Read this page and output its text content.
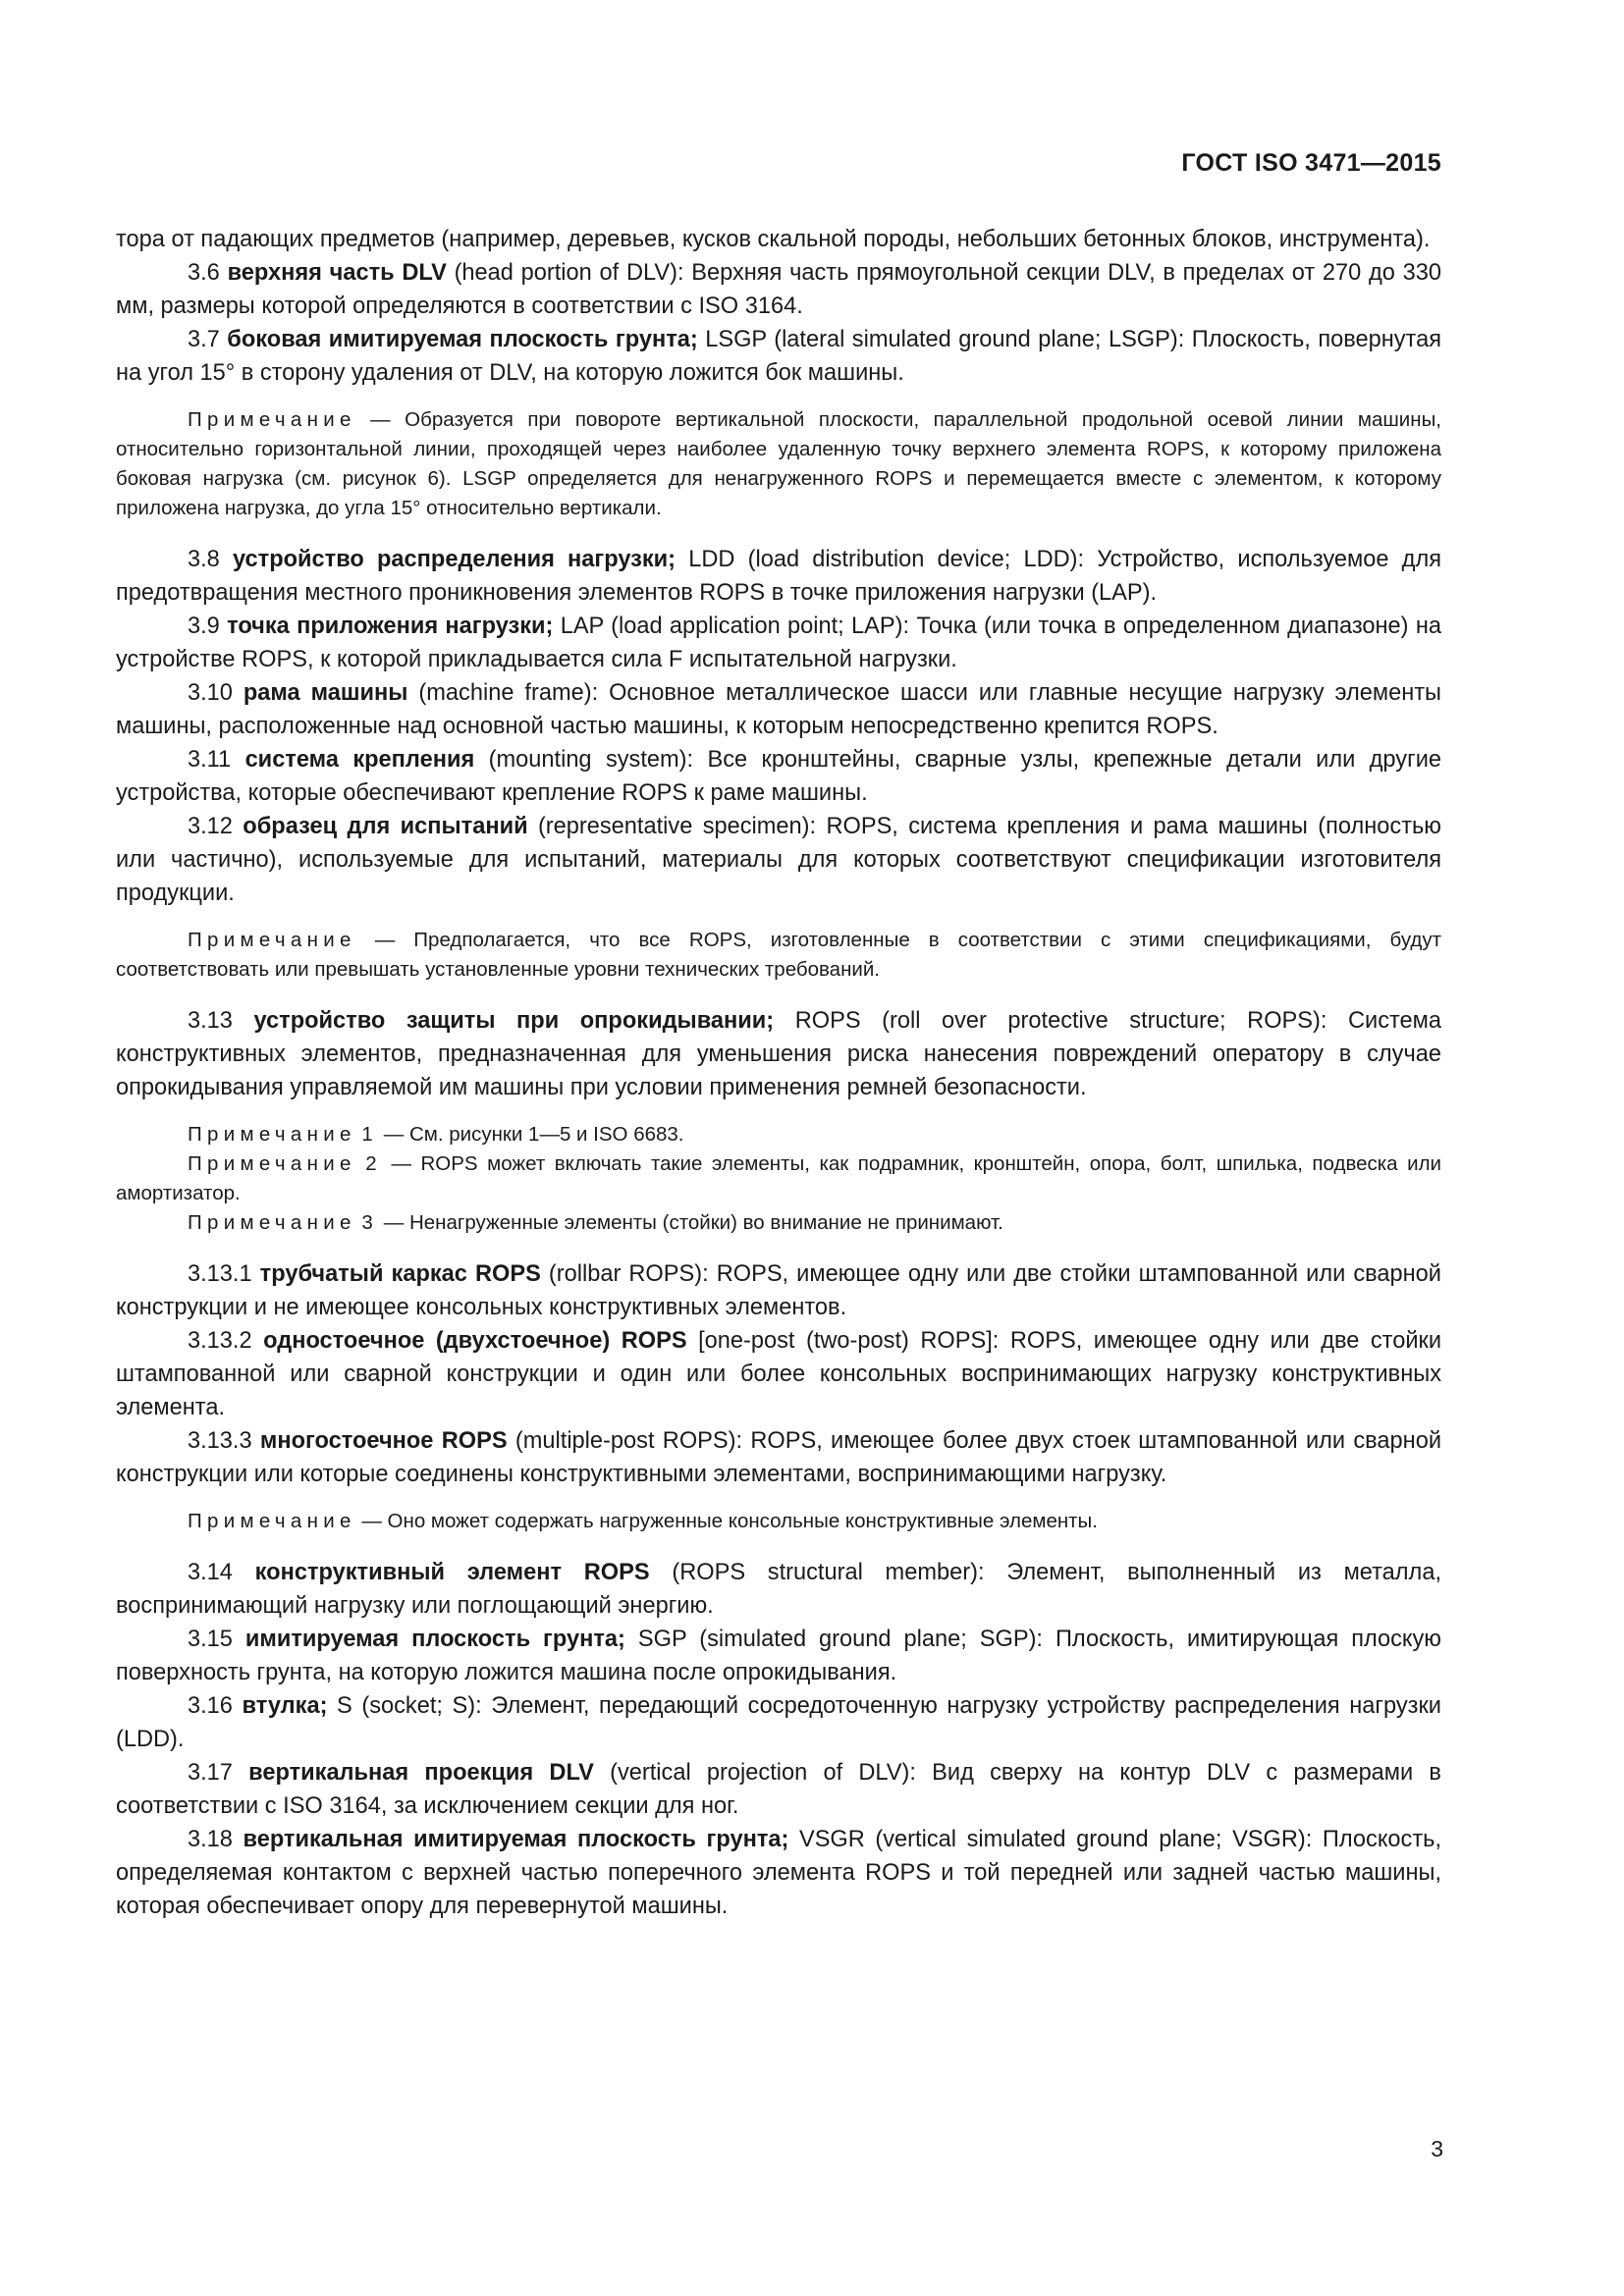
ГОСТ ISO 3471—2015

тора от падающих предметов (например, деревьев, кусков скальной породы, небольших бетонных блоков, инструмента).

3.6 верхняя часть DLV (head portion of DLV): Верхняя часть прямоугольной секции DLV, в пределах от 270 до 330 мм, размеры которой определяются в соответствии с ISO 3164.

3.7 боковая имитируемая плоскость грунта; LSGP (lateral simulated ground plane; LSGP): Плоскость, повернутая на угол 15° в сторону удаления от DLV, на которую ложится бок машины.

Примечание — Образуется при повороте вертикальной плоскости, параллельной продольной осевой линии машины, относительно горизонтальной линии, проходящей через наиболее удаленную точку верхнего элемента ROPS, к которому приложена боковая нагрузка (см. рисунок 6). LSGP определяется для ненагруженного ROPS и перемещается вместе с элементом, к которому приложена нагрузка, до угла 15° относительно вертикали.

3.8 устройство распределения нагрузки; LDD (load distribution device; LDD): Устройство, используемое для предотвращения местного проникновения элементов ROPS в точке приложения нагрузки (LAP).

3.9 точка приложения нагрузки; LAP (load application point; LAP): Точка (или точка в определенном диапазоне) на устройстве ROPS, к которой прикладывается сила F испытательной нагрузки.

3.10 рама машины (machine frame): Основное металлическое шасси или главные несущие нагрузку элементы машины, расположенные над основной частью машины, к которым непосредственно крепится ROPS.

3.11 система крепления (mounting system): Все кронштейны, сварные узлы, крепежные детали или другие устройства, которые обеспечивают крепление ROPS к раме машины.

3.12 образец для испытаний (representative specimen): ROPS, система крепления и рама машины (полностью или частично), используемые для испытаний, материалы для которых соответствуют спецификации изготовителя продукции.

Примечание — Предполагается, что все ROPS, изготовленные в соответствии с этими спецификациями, будут соответствовать или превышать установленные уровни технических требований.

3.13 устройство защиты при опрокидывании; ROPS (roll over protective structure; ROPS): Система конструктивных элементов, предназначенная для уменьшения риска нанесения повреждений оператору в случае опрокидывания управляемой им машины при условии применения ремней безопасности.

Примечание 1 — См. рисунки 1—5 и ISO 6683.

Примечание 2 — ROPS может включать такие элементы, как подрамник, кронштейн, опора, болт, шпилька, подвеска или амортизатор.

Примечание 3 — Ненагруженные элементы (стойки) во внимание не принимают.

3.13.1 трубчатый каркас ROPS (rollbar ROPS): ROPS, имеющее одну или две стойки штампованной или сварной конструкции и не имеющее консольных конструктивных элементов.

3.13.2 одностоечное (двухстоечное) ROPS [one-post (two-post) ROPS]: ROPS, имеющее одну или две стойки штампованной или сварной конструкции и один или более консольных воспринимающих нагрузку конструктивных элемента.

3.13.3 многостоечное ROPS (multiple-post ROPS): ROPS, имеющее более двух стоек штампованной или сварной конструкции или которые соединены конструктивными элементами, воспринимающими нагрузку.

Примечание — Оно может содержать нагруженные консольные конструктивные элементы.

3.14 конструктивный элемент ROPS (ROPS structural member): Элемент, выполненный из металла, воспринимающий нагрузку или поглощающий энергию.

3.15 имитируемая плоскость грунта; SGP (simulated ground plane; SGP): Плоскость, имитирующая плоскую поверхность грунта, на которую ложится машина после опрокидывания.

3.16 втулка; S (socket; S): Элемент, передающий сосредоточенную нагрузку устройству распределения нагрузки (LDD).

3.17 вертикальная проекция DLV (vertical projection of DLV): Вид сверху на контур DLV с размерами в соответствии с ISO 3164, за исключением секции для ног.

3.18 вертикальная имитируемая плоскость грунта; VSGR (vertical simulated ground plane; VSGR): Плоскость, определяемая контактом с верхней частью поперечного элемента ROPS и той передней или задней частью машины, которая обеспечивает опору для перевернутой машины.

3
